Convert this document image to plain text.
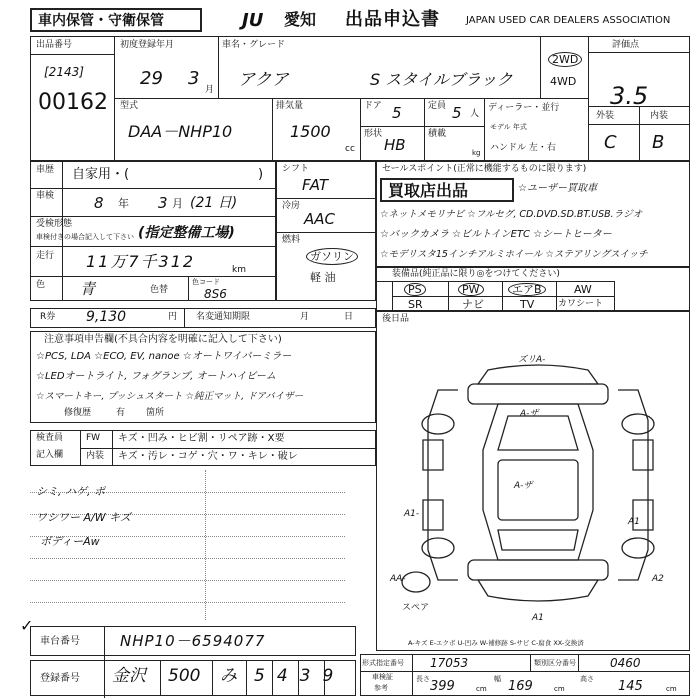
車内保管・守衛保管	JU 愛知 出品申込書	JAPAN USED CAR DEALERS ASSOCIATION
出品番号
[2143]
00162
初度登録年月
29 3
月
車名・グレード
アクア	S スタイルブラック
2WD
4WD
評価点
3.5
外装	内装
C B
型式
DAA－NHP10
排気量
1500
cc
ドア 5	定員 5 人
形状
HB
積載
kg
ディーラー・並行
モデル 年式
ハンドル 左・右
車歴 自家用・(	)
車検	8 年 3 月 (21 日)
受検形態
車検付きの場合記入して下さい (指定整備工場)
走行 11万7千312	km
色 青	色替
色コード
8S6
シフト
FAT
冷房
AAC
燃料
ガソリン
軽 油
セールスポイント(正常に機能するものに限ります)
買取店出品	☆ユーザー買取車
☆ネットメモリナビ ☆フルセグ, CD.DVD.SD.BT.USB.ラジオ
☆バックカメラ ☆ビルトインETC ☆シートヒーター
☆モデリスタ15インチアルミホイール ☆ステアリングスイッチ
装備品(純正品に限り◎をつけてください)
PS	PW	エアB	AW
SR	ナビ	TV	カワシート
R券 9,130	円 名変通知期限	月	日
注意事項申告欄(不具合内容を明確に記入して下さい)
☆PCS, LDA ☆ECO, EV, nanoe ☆オートワイパーミラー
☆LEDオートライト, フォグランプ, オートハイビーム
☆スマートキー, プッシュスタート ☆純正マット, ドアバイザー
修復歴	有 箇所
検査員
記入欄
FW キズ・凹み・ヒビ割・リペア跡・X要
内装 キズ・汚レ・コゲ・穴・ワ・キレ・破レ
シミ, ハゲ, ポ
ワシワー A/W キズ
ボディーAw
✓
後日品
ズリA-
A-ザ
A-ザ
A1-
A1
AA-	A2
A1
スペア
A-キズ E-エクボ U-凹み W-補修跡 S-サビ C-腐食 XX-交換済
車台番号	NHP10－6594077
登録番号 金沢 500 み 5439
形式指定番号 17053	類別区分番号	0460
車検証
参考
長さ 399	cm
幅 169	cm
高さ 145	cm
